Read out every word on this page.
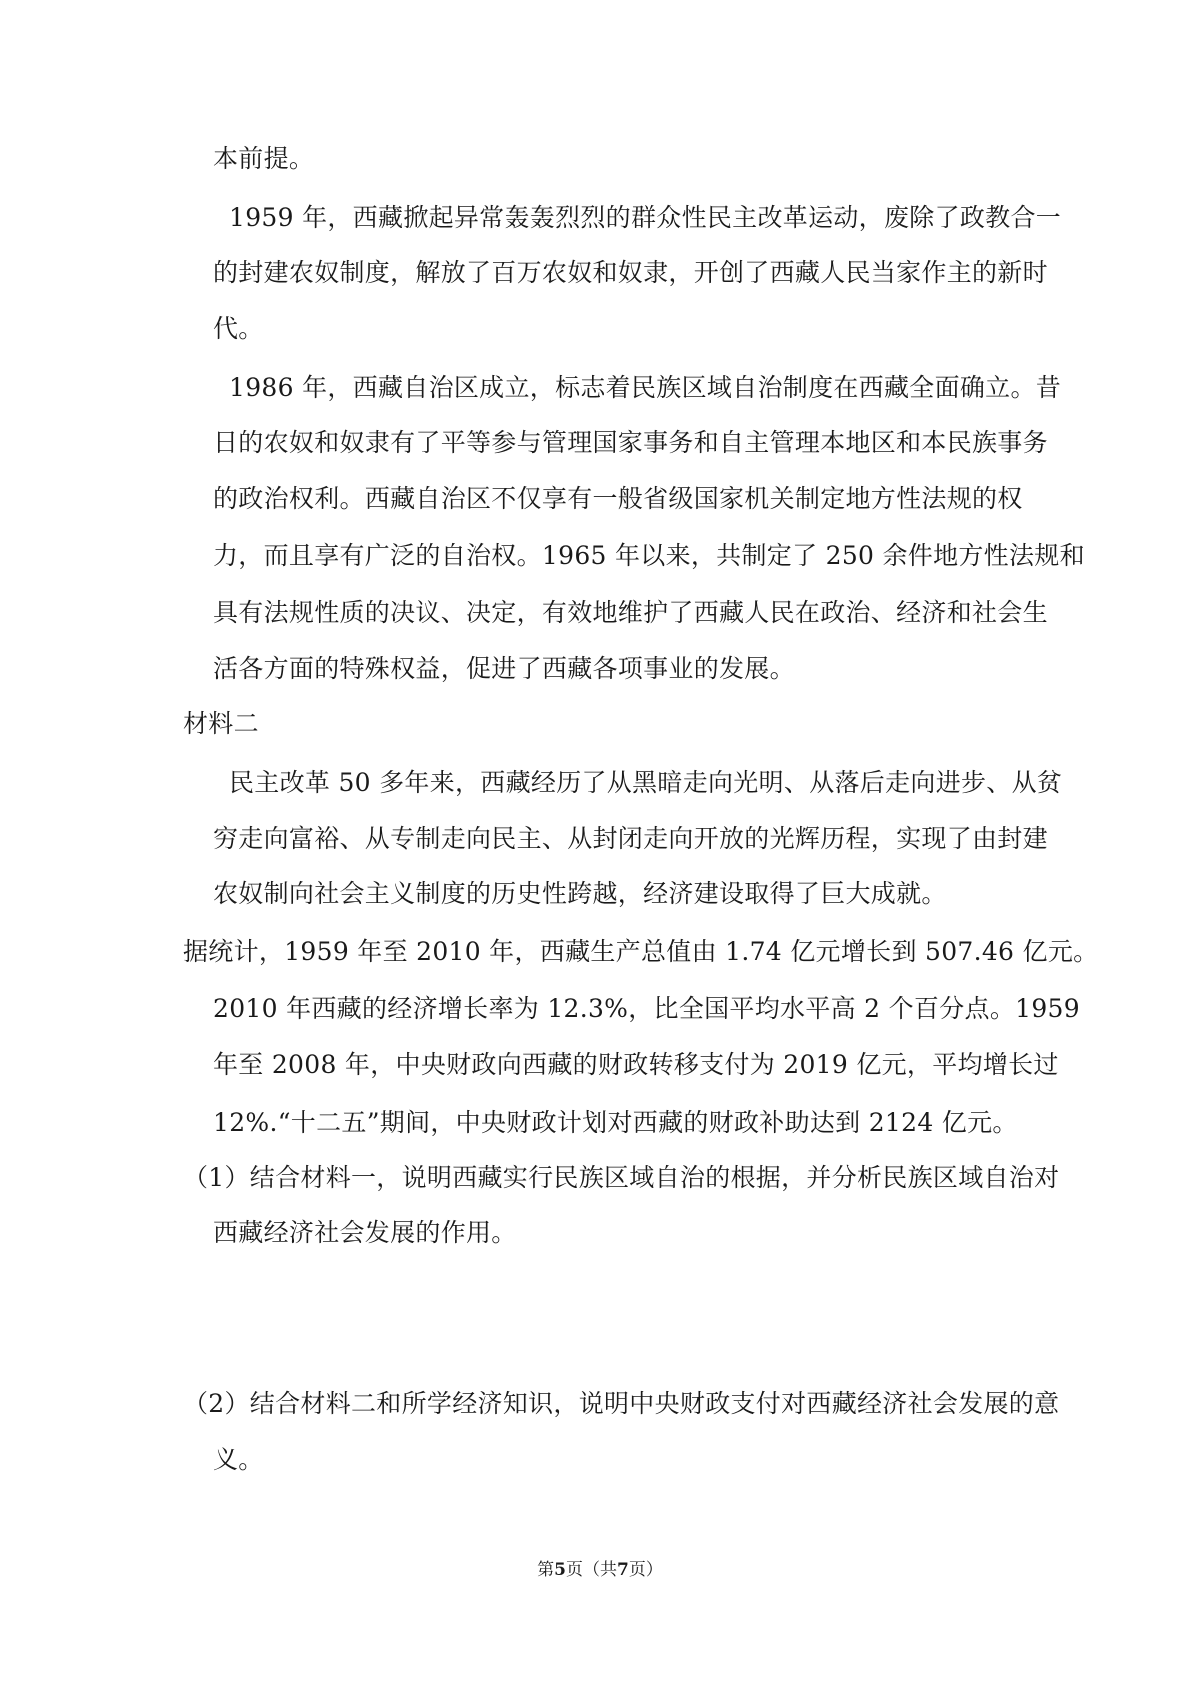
本前提。
1959 年，西藏掀起异常轰轰烈烈的群众性民主改革运动，废除了政教合一
的封建农奴制度，解放了百万农奴和奴隶，开创了西藏人民当家作主的新时
代。
1986 年，西藏自治区成立，标志着民族区域自治制度在西藏全面确立。昔
日的农奴和奴隶有了平等参与管理国家事务和自主管理本地区和本民族事务
的政治权利。西藏自治区不仅享有一般省级国家机关制定地方性法规的权
力，而且享有广泛的自治权。1965 年以来，共制定了 250 余件地方性法规和
具有法规性质的决议、决定，有效地维护了西藏人民在政治、经济和社会生
活各方面的特殊权益，促进了西藏各项事业的发展。
材料二
民主改革 50 多年来，西藏经历了从黑暗走向光明、从落后走向进步、从贫
穷走向富裕、从专制走向民主、从封闭走向开放的光辉历程，实现了由封建
农奴制向社会主义制度的历史性跨越，经济建设取得了巨大成就。
据统计，1959 年至 2010 年，西藏生产总值由 1.74 亿元增长到 507.46 亿元。
2010 年西藏的经济增长率为 12.3%，比全国平均水平高 2 个百分点。1959
年至 2008 年，中央财政向西藏的财政转移支付为 2019 亿元，平均增长过
12%.“十二五”期间，中央财政计划对西藏的财政补助达到 2124 亿元。
（1）结合材料一，说明西藏实行民族区域自治的根据，并分析民族区域自治对
西藏经济社会发展的作用。
（2）结合材料二和所学经济知识，说明中央财政支付对西藏经济社会发展的意
义。
第5页（共7页）
